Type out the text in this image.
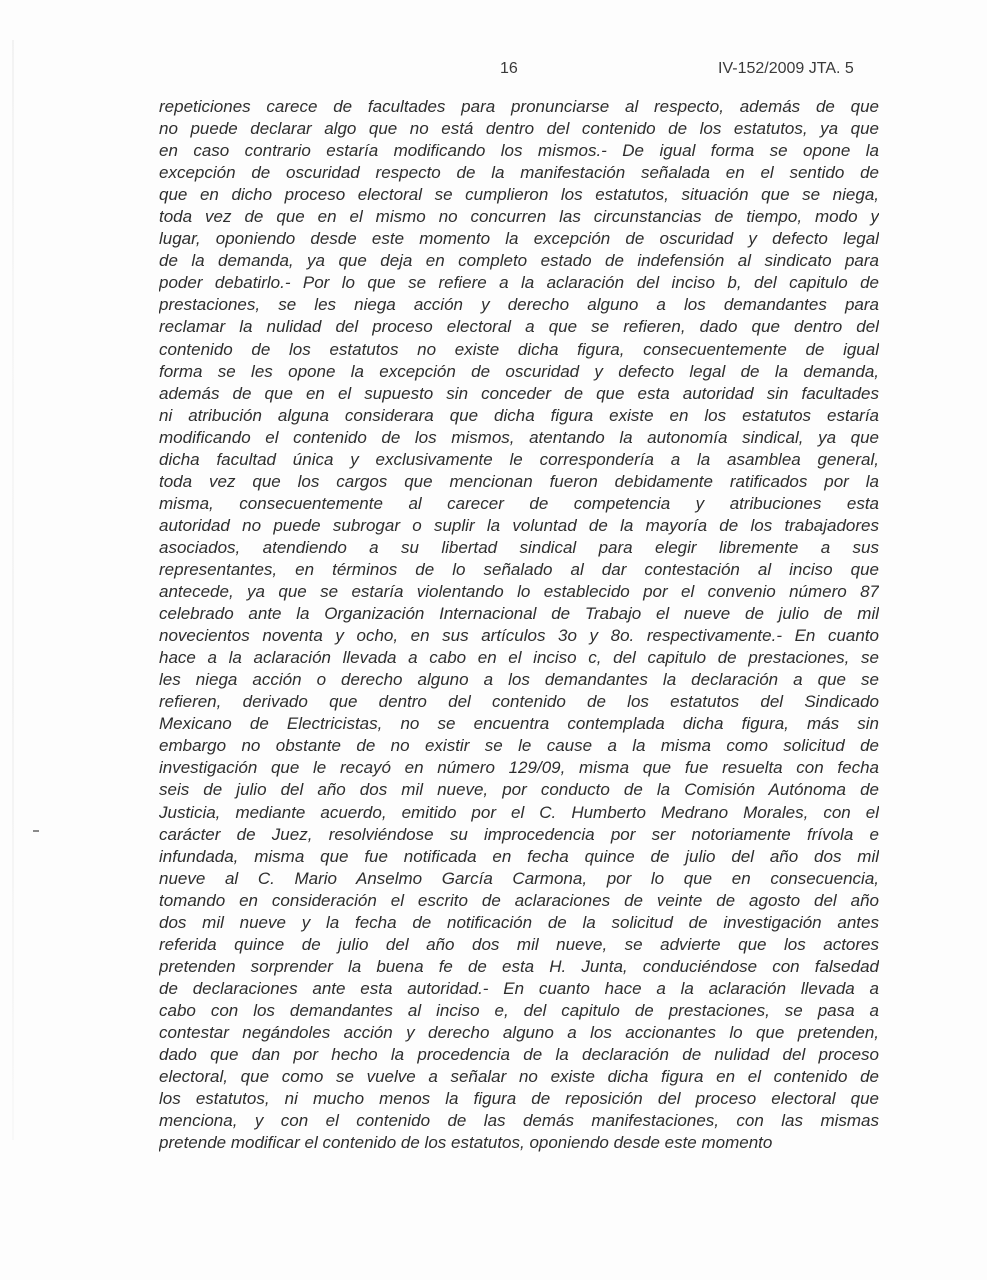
16	IV-152/2009 JTA. 5
repeticiones carece de facultades para pronunciarse al respecto, además de que
no puede declarar algo que no está dentro del contenido de los estatutos, ya que
en caso contrario estaría modificando los mismos.- De igual forma se opone la
excepción de oscuridad respecto de la manifestación señalada en el sentido de
que en dicho proceso electoral se cumplieron los estatutos, situación que se niega,
toda vez de que en el mismo no concurren las circunstancias de tiempo, modo y
lugar, oponiendo desde este momento la excepción de oscuridad y defecto legal
de la demanda, ya que deja en completo estado de indefensión al sindicato para
poder debatirlo.- Por lo que se refiere a la aclaración del inciso b, del capitulo de
prestaciones, se les niega acción y derecho alguno a los demandantes para
reclamar la nulidad del proceso electoral a que se refieren, dado que dentro del
contenido de los estatutos no existe dicha figura, consecuentemente de igual
forma se les opone la excepción de oscuridad y defecto legal de la demanda,
además de que en el supuesto sin conceder de que esta autoridad sin facultades
ni atribución alguna considerara que dicha figura existe en los estatutos estaría
modificando el contenido de los mismos, atentando la autonomía sindical, ya que
dicha facultad única y exclusivamente le correspondería a la asamblea general,
toda vez que los cargos que mencionan fueron debidamente ratificados por la
misma, consecuentemente al carecer de competencia y atribuciones esta
autoridad no puede subrogar o suplir la voluntad de la mayoría de los trabajadores
asociados, atendiendo a su libertad sindical para elegir libremente a sus
representantes, en términos de lo señalado al dar contestación al inciso que
antecede, ya que se estaría violentando lo establecido por el convenio número 87
celebrado ante la Organización Internacional de Trabajo el nueve de julio de mil
novecientos noventa y ocho, en sus artículos 3o y 8o. respectivamente.- En cuanto
hace a la aclaración llevada a cabo en el inciso c, del capitulo de prestaciones, se
les niega acción o derecho alguno a los demandantes la declaración a que se
refieren, derivado que dentro del contenido de los estatutos del Sindicado
Mexicano de Electricistas, no se encuentra contemplada dicha figura, más sin
embargo no obstante de no existir se le cause a la misma como solicitud de
investigación que le recayó en número 129/09, misma que fue resuelta con fecha
seis de julio del año dos mil nueve, por conducto de la Comisión Autónoma de
Justicia, mediante acuerdo, emitido por el C. Humberto Medrano Morales, con el
carácter de Juez, resolviéndose su improcedencia por ser notoriamente frívola e
infundada, misma que fue notificada en fecha quince de julio del año dos mil
nueve al C. Mario Anselmo García Carmona, por lo que en consecuencia,
tomando en consideración el escrito de aclaraciones de veinte de agosto del año
dos mil nueve y la fecha de notificación de la solicitud de investigación antes
referida quince de julio del año dos mil nueve, se advierte que los actores
pretenden sorprender la buena fe de esta H. Junta, conduciéndose con falsedad
de declaraciones ante esta autoridad.- En cuanto hace a la aclaración llevada a
cabo con los demandantes al inciso e, del capitulo de prestaciones, se pasa a
contestar negándoles acción y derecho alguno a los accionantes lo que pretenden,
dado que dan por hecho la procedencia de la declaración de nulidad del proceso
electoral, que como se vuelve a señalar no existe dicha figura en el contenido de
los estatutos, ni mucho menos la figura de reposición del proceso electoral que
menciona, y con el contenido de las demás manifestaciones, con las mismas
pretende modificar el contenido de los estatutos, oponiendo desde este momento
